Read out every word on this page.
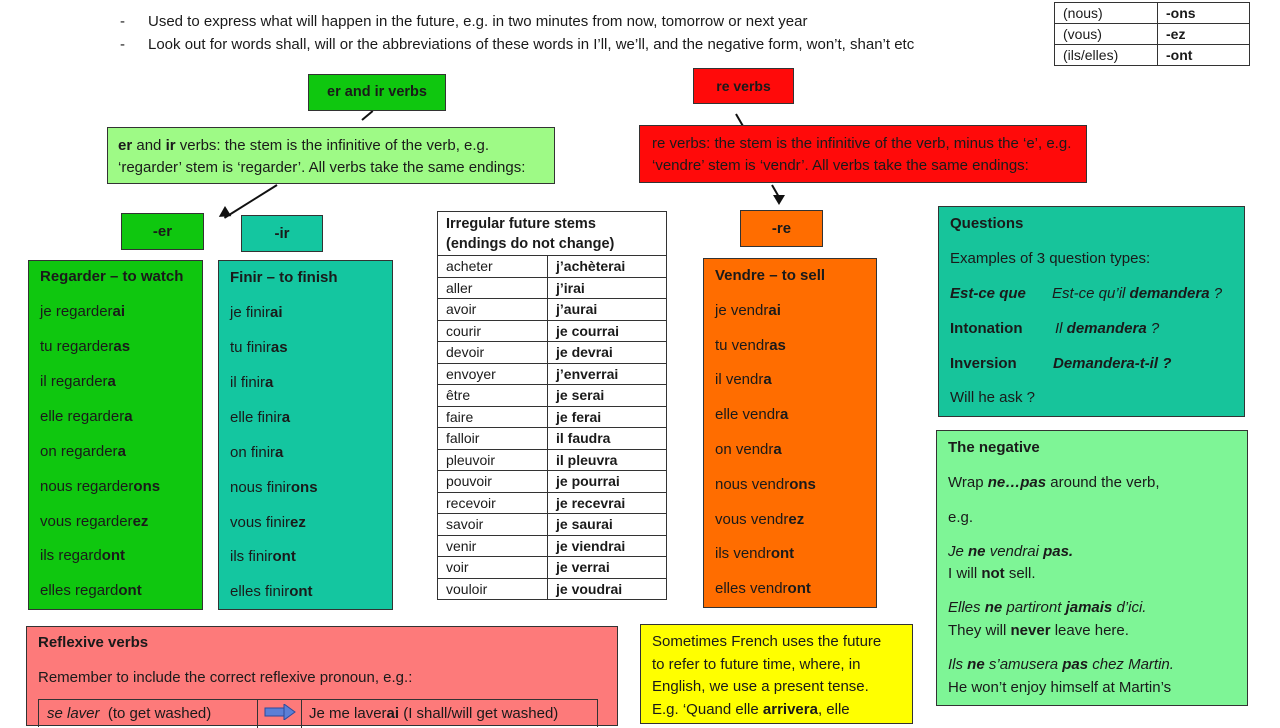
- Used to express what will happen in the future, e.g. in two minutes from now, tomorrow or next year
- Look out for words shall, will or the abbreviations of these words in I’ll, we’ll, and the negative form, won’t, shan’t etc
(nous)	-ons
(vous)	-ez
(ils/elles)	-ont
er and ir verbs
er and ir verbs: the stem is the infinitive of the verb, e.g. ‘regarder’ stem is ‘regarder’. All verbs take the same endings:
re verbs
re verbs: the stem is the infinitive of the verb, minus the ‘e’, e.g. ‘vendre’ stem is ‘vendr’. All verbs take the same endings:
-er	-ir	-re

Regarder – to watch

je regarderai

tu regarderas

il regardera

elle regardera

on regardera

nous regarderons

vous regarderez

ils regardont

elles regardont

Finir – to finish

je finirai

tu finiras

il finira

elle finira

on finira

nous finirons

vous finirez

ils finiront

elles finiront

Irregular future stems
(endings do not change)
acheter	j’achèterai
aller	j’irai
avoir	j’aurai
courir	je courrai
devoir	je devrai
envoyer	j’enverrai
être	je serai
faire	je ferai
falloir	il faudra
pleuvoir	il pleuvra
pouvoir	je pourrai
recevoir	je recevrai
savoir	je saurai
venir	je viendrai
voir	je verrai
vouloir	je voudrai

Vendre – to sell

je vendrai

tu vendras

il vendra

elle vendra

on vendra

nous vendrons

vous vendrez

ils vendront

elles vendront

Questions
Examples of 3 question types:
Est-ce que Est-ce qu’il demandera ?
Intonation Il demandera ?
Inversion Demandera-t-il ?
Will he ask ?
The negative
Wrap ne…pas around the verb,
e.g.
Je ne vendrai pas.
I will not sell.
Elles ne partiront jamais d’ici.
They will never leave here.
Ils ne s’amusera pas chez Martin.
He won’t enjoy himself at Martin’s
Reflexive verbs
Remember to include the correct reflexive pronoun, e.g.:
se laver (to get washed)	Je me laverai (I shall/will get washed)
Sometimes French uses the future
to refer to future time, where, in
English, we use a present tense.
E.g. ‘Quand elle arrivera, elle
